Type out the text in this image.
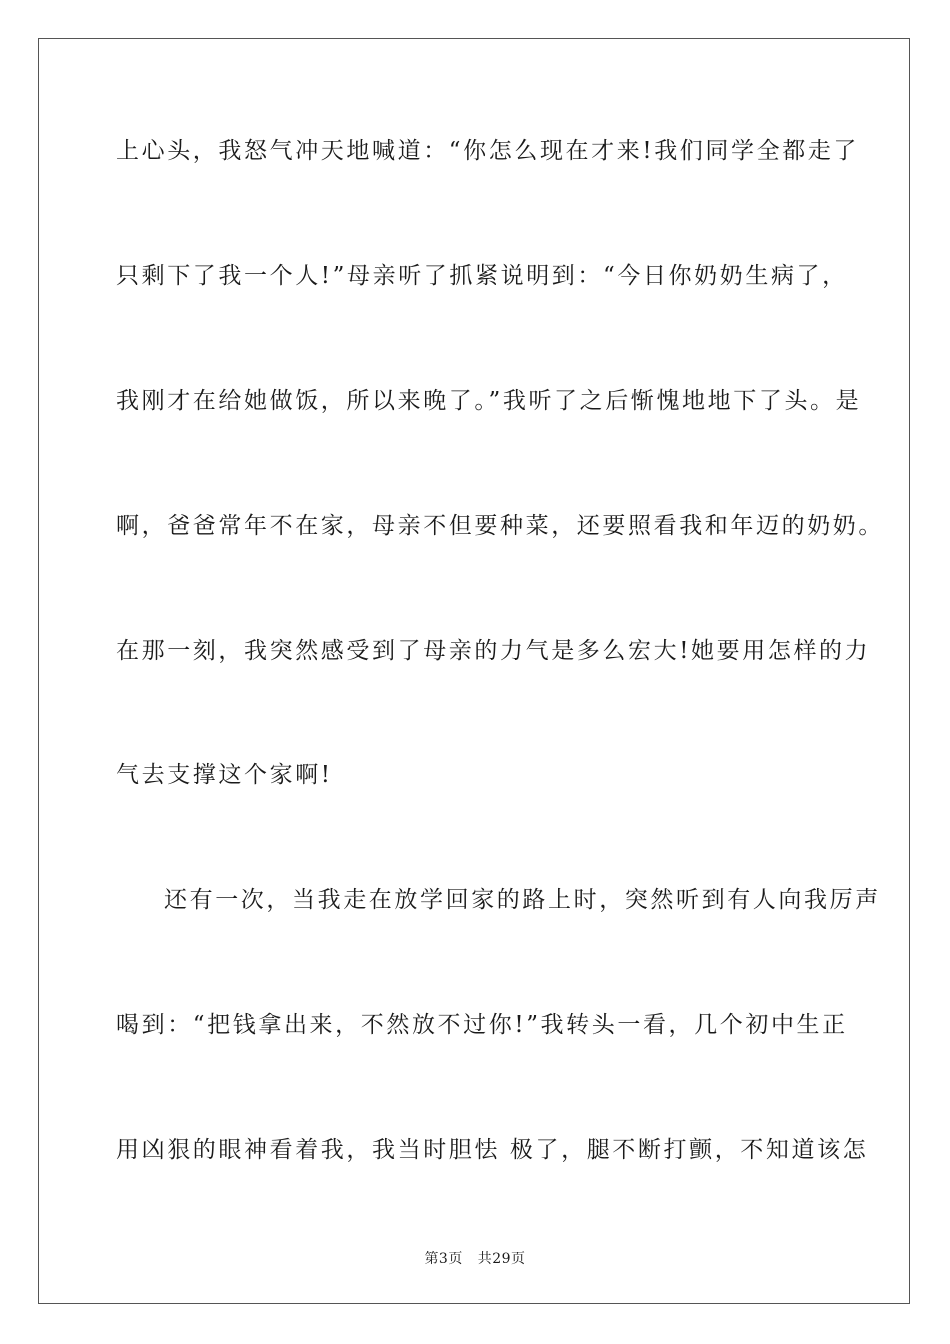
上心头，我怒气冲天地喊道：“你怎么现在才来!我们同学全都走了
只剩下了我一个人!”母亲听了抓紧说明到：“今日你奶奶生病了，
我刚才在给她做饭，所以来晚了。”我听了之后惭愧地地下了头。是
啊，爸爸常年不在家，母亲不但要种菜，还要照看我和年迈的奶奶。
在那一刻，我突然感受到了母亲的力气是多么宏大!她要用怎样的力
气去支撑这个家啊!
还有一次，当我走在放学回家的路上时，突然听到有人向我厉声
喝到：“把钱拿出来，不然放不过你!”我转头一看，几个初中生正
用凶狠的眼神看着我，我当时胆怯 极了，腿不断打颤，不知道该怎
第3页 共29页
